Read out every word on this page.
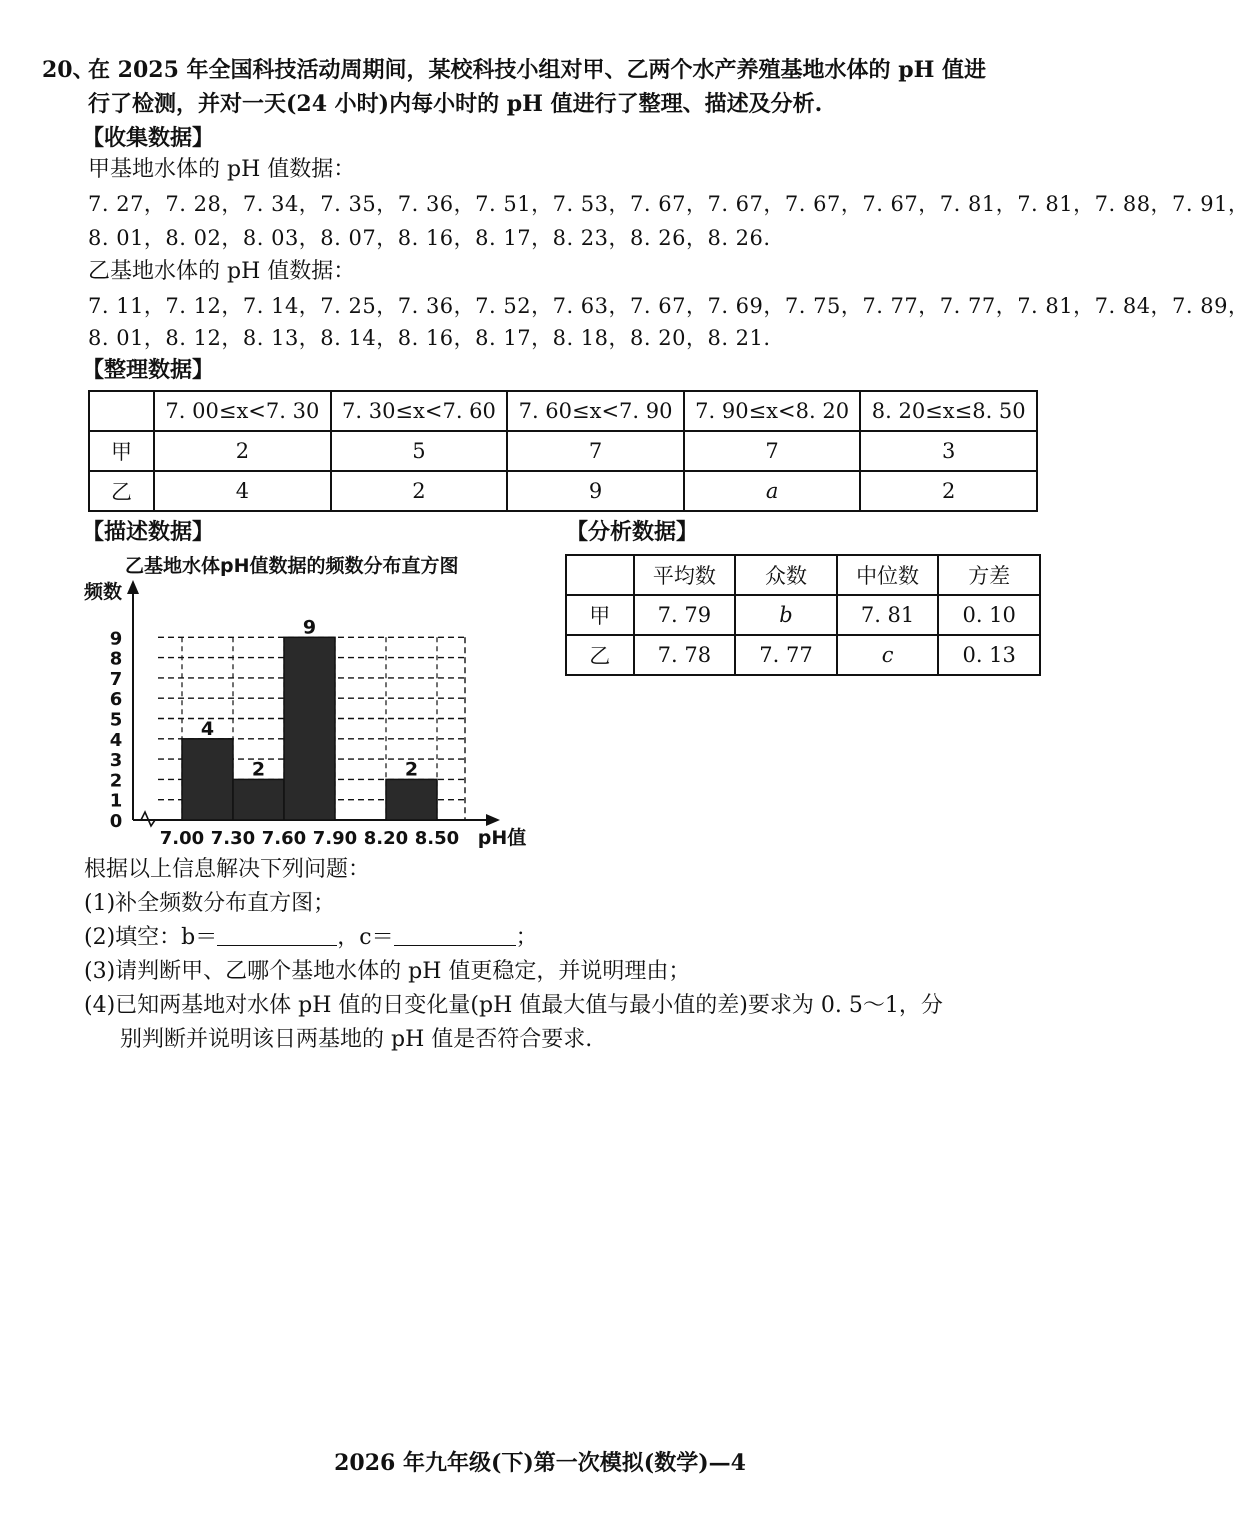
20、
在 2025 年全国科技活动周期间，某校科技小组对甲、乙两个水产养殖基地水体的 pH 值进
行了检测，并对一天(24 小时)内每小时的 pH 值进行了整理、描述及分析.
【收集数据】
甲基地水体的 pH 值数据：
7. 27，7. 28，7. 34，7. 35，7. 36，7. 51，7. 53，7. 67，7. 67，7. 67，7. 67，7. 81，7. 81，7. 88，7. 91，
8. 01，8. 02，8. 03，8. 07，8. 16，8. 17，8. 23，8. 26，8. 26.
乙基地水体的 pH 值数据：
7. 11，7. 12，7. 14，7. 25，7. 36，7. 52，7. 63，7. 67，7. 69，7. 75，7. 77，7. 77，7. 81，7. 84，7. 89，
8. 01，8. 12，8. 13，8. 14，8. 16，8. 17，8. 18，8. 20，8. 21.
【整理数据】
	7. 00≤x<7. 30	7. 30≤x<7. 60	7. 60≤x<7. 90	7. 90≤x<8. 20	8. 20≤x≤8. 50
甲	2	5	7	7	3
乙	4	2	9	a	2
【描述数据】
乙基地水体pH值数据的频数分布直方图
频数
0
1
2
3
4
5
6
7
8
9
4
2
9
2
7.00 7.30 7.60 7.90 8.20 8.50 pH值
【分析数据】
	平均数	众数	中位数	方差
甲	7. 79	b	7. 81	0. 10
乙	7. 78	7. 77	c	0. 13
根据以上信息解决下列问题：
(1)补全频数分布直方图；
(2)填空：b＝	，c＝	；
(3)请判断甲、乙哪个基地水体的 pH 值更稳定，并说明理由；
(4)已知两基地对水体 pH 值的日变化量(pH 值最大值与最小值的差)要求为 0. 5～1，分
别判断并说明该日两基地的 pH 值是否符合要求.
2026 年九年级(下)第一次模拟(数学)—4
